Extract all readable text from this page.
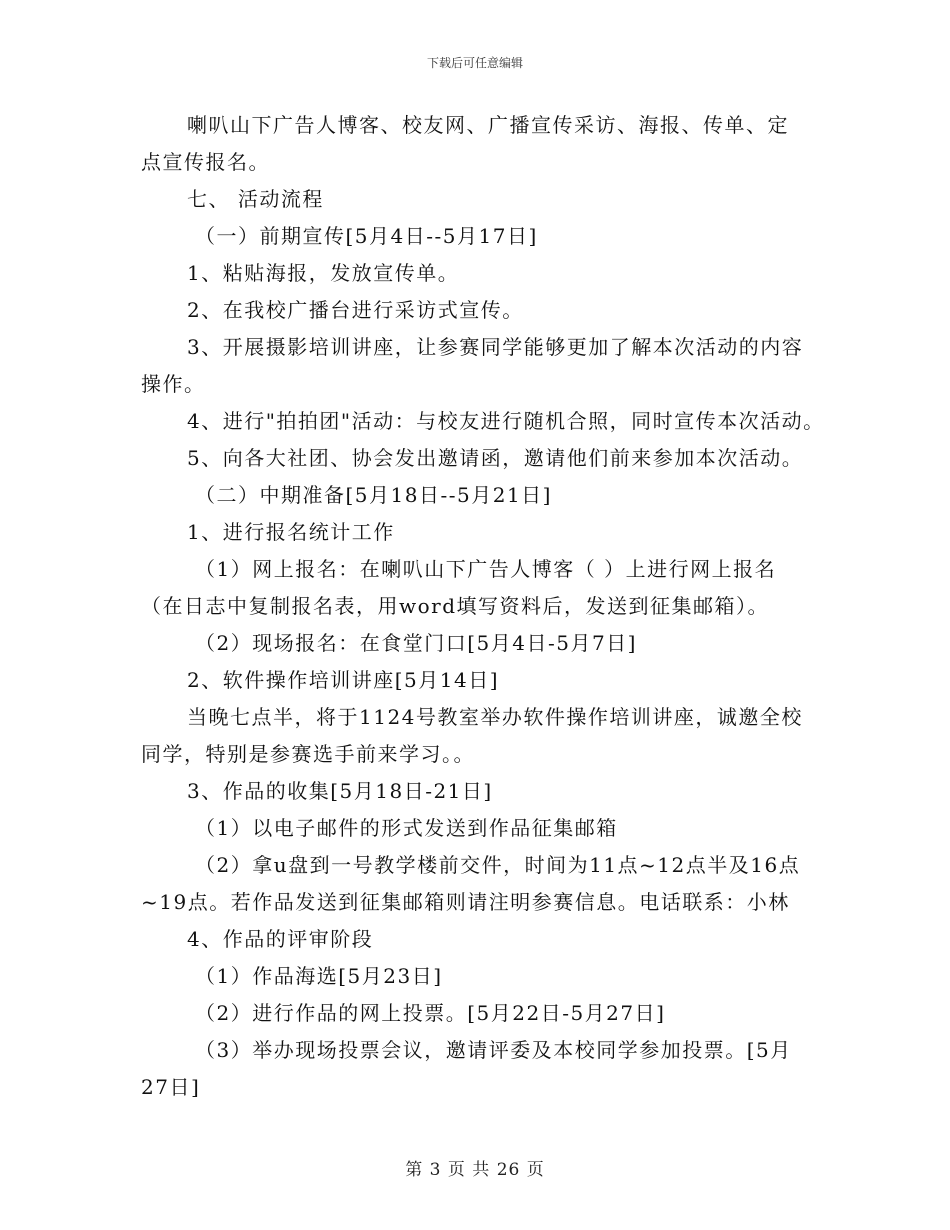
下载后可任意编辑
喇叭山下广告人博客、校友网、广播宣传采访、海报、传单、定
点宣传报名。
七、 活动流程
（一）前期宣传[5月4日--5月17日]
1、粘贴海报，发放宣传单。
2、在我校广播台进行采访式宣传。
3、开展摄影培训讲座，让参赛同学能够更加了解本次活动的内容
操作。
4、进行"拍拍团"活动：与校友进行随机合照，同时宣传本次活动。
5、向各大社团、协会发出邀请函，邀请他们前来参加本次活动。
（二）中期准备[5月18日--5月21日]
1、进行报名统计工作
（1）网上报名：在喇叭山下广告人博客（ ）上进行网上报名
（在日志中复制报名表，用word填写资料后，发送到征集邮箱）。
（2）现场报名：在食堂门口[5月4日-5月7日]
2、软件操作培训讲座[5月14日]
当晚七点半，将于1124号教室举办软件操作培训讲座，诚邀全校
同学，特别是参赛选手前来学习。。
3、作品的收集[5月18日-21日]
（1）以电子邮件的形式发送到作品征集邮箱
（2）拿u盘到一号教学楼前交件，时间为11点~12点半及16点
~19点。若作品发送到征集邮箱则请注明参赛信息。电话联系：小林
4、作品的评审阶段
（1）作品海选[5月23日]
（2）进行作品的网上投票。[5月22日-5月27日]
（3）举办现场投票会议，邀请评委及本校同学参加投票。[5月
27日]
第 3 页 共 26 页
